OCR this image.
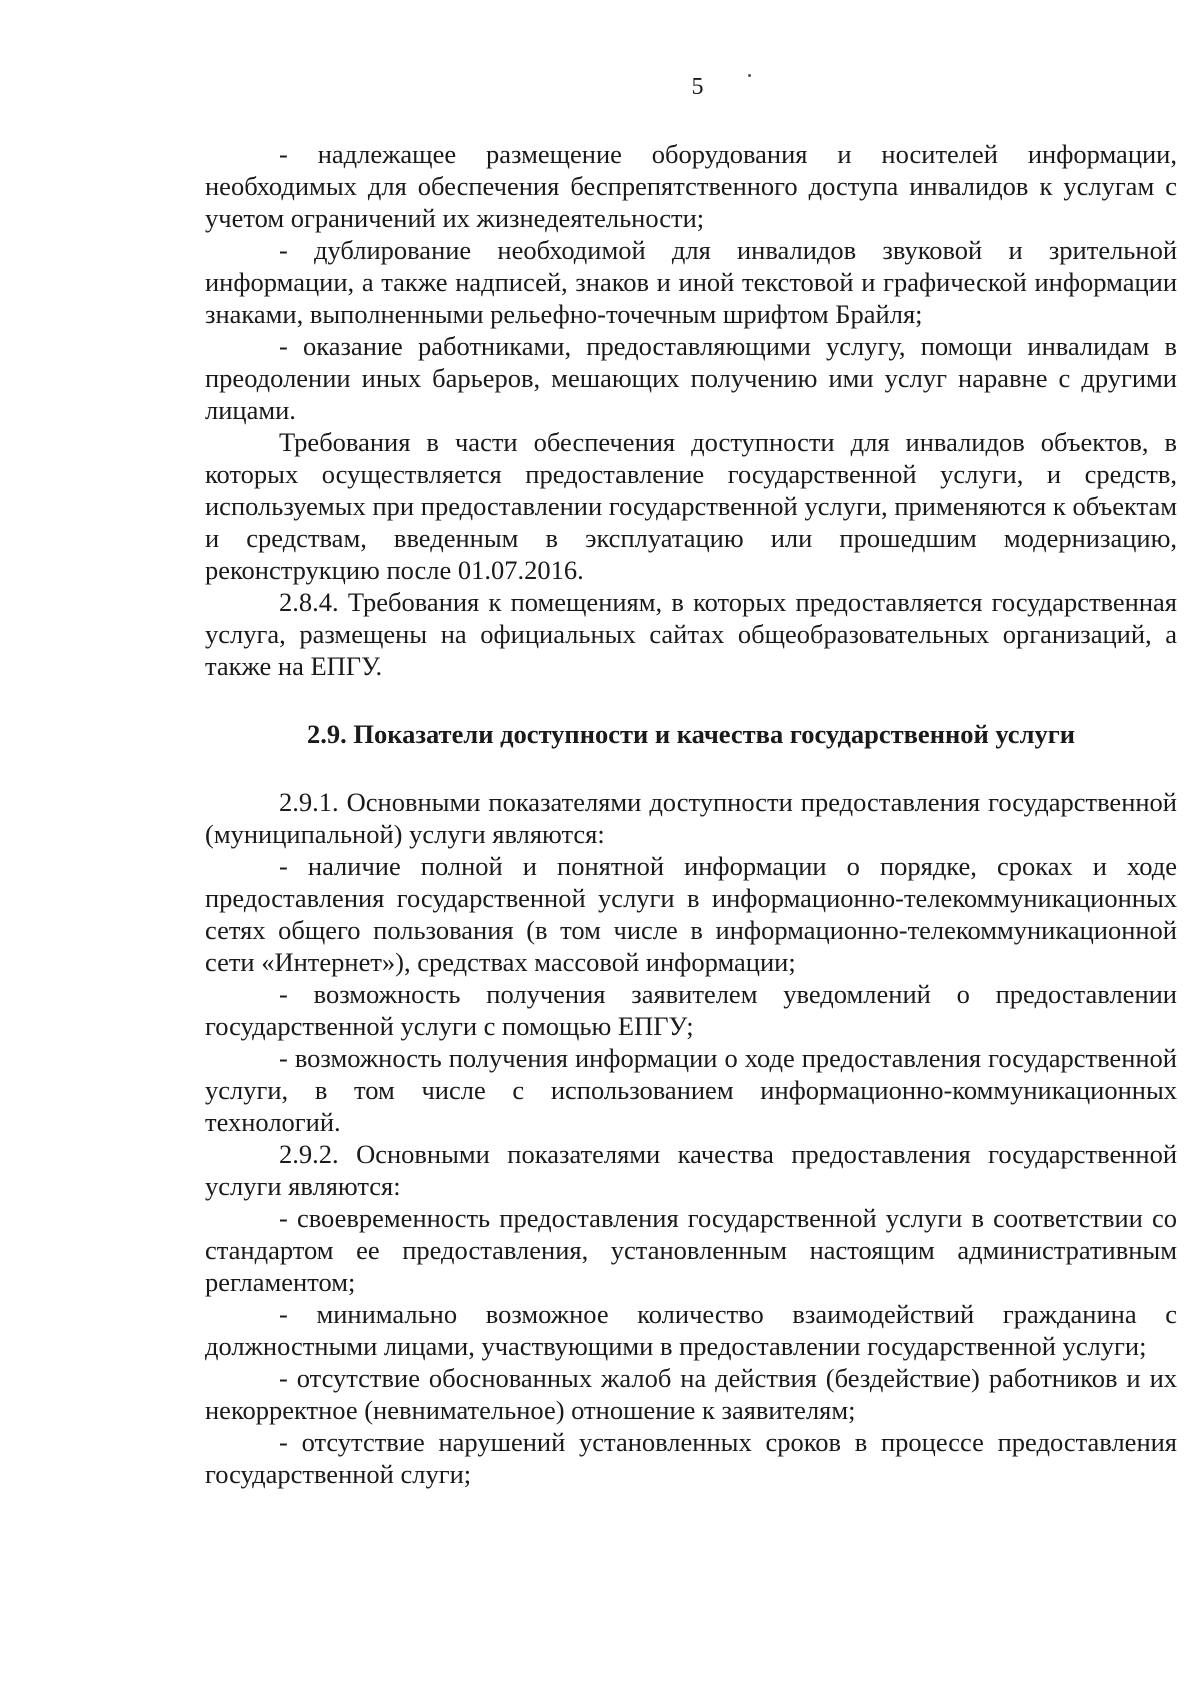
5

- надлежащее размещение оборудования и носителей информации, необходимых для обеспечения беспрепятственного доступа инвалидов к услугам с учетом ограничений их жизнедеятельности;

- дублирование необходимой для инвалидов звуковой и зрительной информации, а также надписей, знаков и иной текстовой и графической информации знаками, выполненными рельефно-точечным шрифтом Брайля;

- оказание работниками, предоставляющими услугу, помощи инвалидам в преодолении иных барьеров, мешающих получению ими услуг наравне с другими лицами.

Требования в части обеспечения доступности для инвалидов объектов, в которых осуществляется предоставление государственной услуги, и средств, используемых при предоставлении государственной услуги, применяются к объектам и средствам, введенным в эксплуатацию или прошедшим модернизацию, реконструкцию после 01.07.2016.

2.8.4. Требования к помещениям, в которых предоставляется государственная услуга, размещены на официальных сайтах общеобразовательных организаций, а также на ЕПГУ.

2.9. Показатели доступности и качества государственной услуги

2.9.1. Основными показателями доступности предоставления государственной (муниципальной) услуги являются:

- наличие полной и понятной информации о порядке, сроках и ходе предоставления государственной услуги в информационно-телекоммуникационных сетях общего пользования (в том числе в информационно-телекоммуникационной сети «Интернет»), средствах массовой информации;

- возможность получения заявителем уведомлений о предоставлении государственной услуги с помощью ЕПГУ;

- возможность получения информации о ходе предоставления государственной услуги, в том числе с использованием информационно-коммуникационных технологий.

2.9.2. Основными показателями качества предоставления государственной услуги являются:

- своевременность предоставления государственной услуги в соответствии со стандартом ее предоставления, установленным настоящим административным регламентом;

- минимально возможное количество взаимодействий гражданина с должностными лицами, участвующими в предоставлении государственной услуги;

- отсутствие обоснованных жалоб на действия (бездействие) работников и их некорректное (невнимательное) отношение к заявителям;

- отсутствие нарушений установленных сроков в процессе предоставления государственной слуги;
